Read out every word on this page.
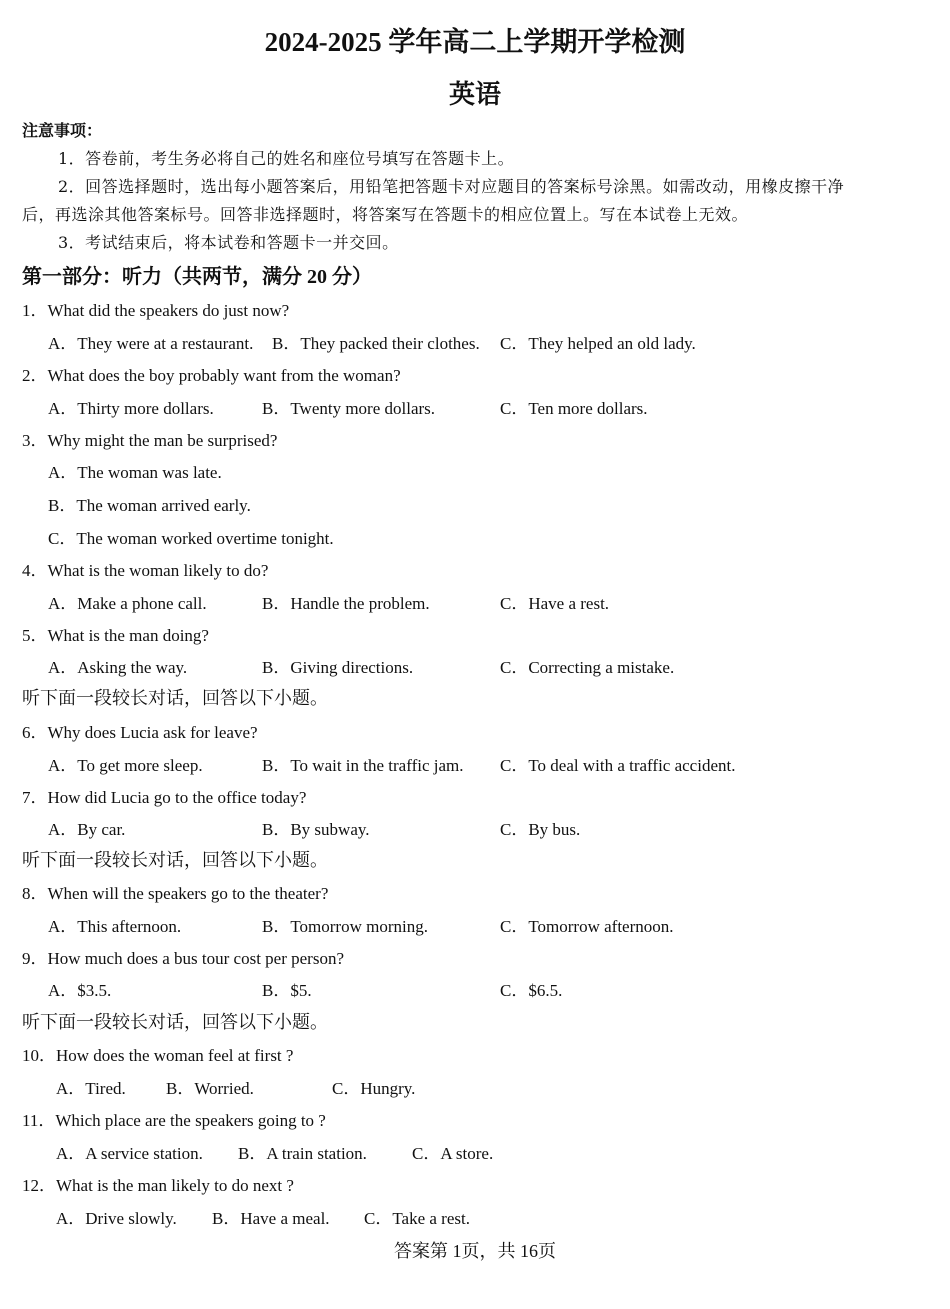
2024-2025 学年高二上学期开学检测
英语
注意事项：
1．答卷前，考生务必将自己的姓名和座位号填写在答题卡上。
2．回答选择题时，选出每小题答案后，用铅笔把答题卡对应题目的答案标号涂黑。如需改动，用橡皮擦干净
后，再选涂其他答案标号。回答非选择题时，将答案写在答题卡的相应位置上。写在本试卷上无效。
3．考试结束后，将本试卷和答题卡一并交回。
第一部分：听力（共两节，满分 20 分）
1．What did the speakers do just now?
A．They were at a restaurant. B．They packed their clothes. C．They helped an old lady.
2．What does the boy probably want from the woman?
A．Thirty more dollars.	B．Twenty more dollars.	C．Ten more dollars.
3．Why might the man be surprised?
A．The woman was late.
B．The woman arrived early.
C．The woman worked overtime tonight.
4．What is the woman likely to do?
A．Make a phone call.	B．Handle the problem.	C．Have a rest.
5．What is the man doing?
A．Asking the way.	B．Giving directions.	C．Correcting a mistake.
听下面一段较长对话，回答以下小题。
6．Why does Lucia ask for leave?
A．To get more sleep.	B．To wait in the traffic jam. C．To deal with a traffic accident.
7．How did Lucia go to the office today?
A．By car.	B．By subway.	C．By bus.
听下面一段较长对话，回答以下小题。
8．When will the speakers go to the theater?
A．This afternoon.	B．Tomorrow morning.	C．Tomorrow afternoon.
9．How much does a bus tour cost per person?
A．$3.5.	B．$5.	C．$6.5.
听下面一段较长对话，回答以下小题。
10．How does the woman feel at first ?
A．Tired. B．Worried.	C．Hungry.
11．Which place are the speakers going to ?
A．A service station. B．A train station.	C．A store.
12．What is the man likely to do next ?
A．Drive slowly. B．Have a meal. C．Take a rest.
答案第 1页，共 16页
